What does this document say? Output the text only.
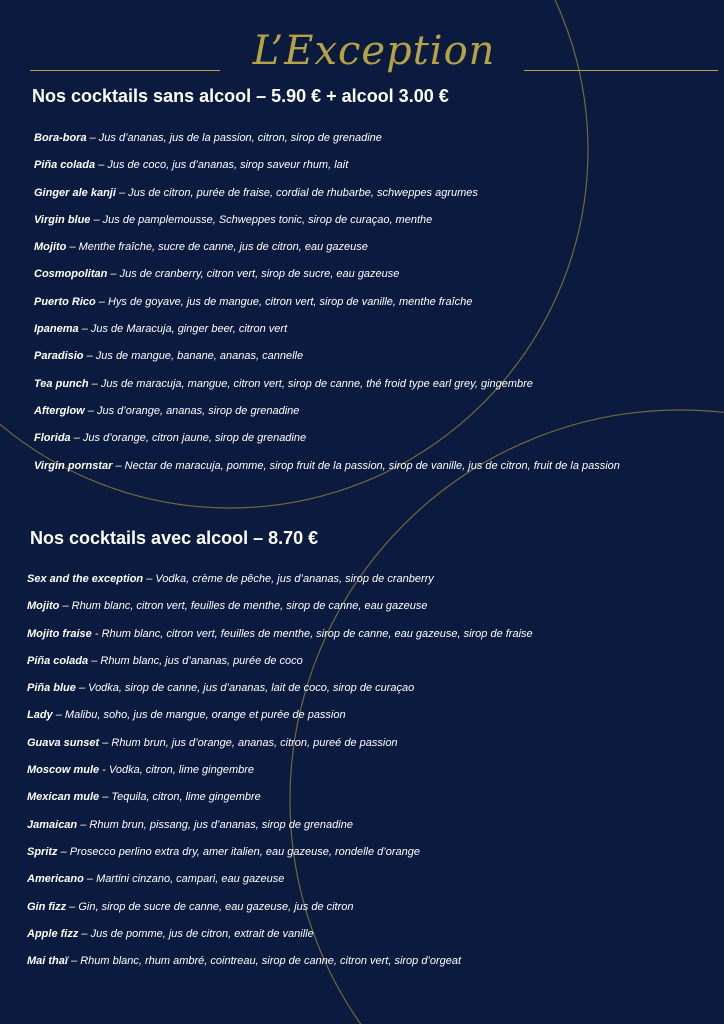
L’Exception
Nos cocktails sans alcool – 5.90 € + alcool 3.00 €
Bora-bora – Jus d’ananas, jus de la passion, citron, sirop de grenadine
Piña colada – Jus de coco, jus d’ananas, sirop saveur rhum, lait
Ginger ale kanji – Jus de citron, purée de fraise, cordial de rhubarbe, schweppes agrumes
Virgin blue – Jus de pamplemousse, Schweppes tonic, sirop de curaçao, menthe
Mojito – Menthe fraîche, sucre de canne, jus de citron, eau gazeuse
Cosmopolitan – Jus de cranberry, citron vert, sirop de sucre, eau gazeuse
Puerto Rico – Hys de goyave, jus de mangue, citron vert, sirop de vanille, menthe fraîche
Ipanema – Jus de Maracuja, ginger beer, citron vert
Paradisio – Jus de mangue, banane, ananas, cannelle
Tea punch – Jus de maracuja, mangue, citron vert, sirop de canne, thé froid type earl grey, gingembre
Afterglow – Jus d’orange, ananas, sirop de grenadine
Florida – Jus d’orange, citron jaune, sirop de grenadine
Virgin pornstar – Nectar de maracuja, pomme, sirop fruit de la passion, sirop de vanille, jus de citron, fruit de la passion
Nos cocktails avec alcool – 8.70 €
Sex and the exception – Vodka, crème de pêche, jus d’ananas, sirop de cranberry
Mojito – Rhum blanc, citron vert, feuilles de menthe, sirop de canne, eau gazeuse
Mojito fraise - Rhum blanc, citron vert, feuilles de menthe, sirop de canne, eau gazeuse, sirop de fraise
Piña colada – Rhum blanc, jus d’ananas, purée de coco
Piña blue – Vodka, sirop de canne, jus d’ananas, lait de coco, sirop de curaçao
Lady – Malibu, soho, jus de mangue, orange et purée de passion
Guava sunset – Rhum brun, jus d’orange, ananas, citron, pureé de passion
Moscow mule - Vodka, citron, lime gingembre
Mexican mule – Tequila, citron, lime gingembre
Jamaican – Rhum brun, pissang, jus d’ananas, sirop de grenadine
Spritz – Prosecco perlino extra dry, amer italien, eau gazeuse, rondelle d’orange
Americano – Martini cinzano, campari, eau gazeuse
Gin fizz – Gin, sirop de sucre de canne, eau gazeuse, jus de citron
Apple fizz – Jus de pomme, jus de citron, extrait de vanille
Mai thaï – Rhum blanc, rhum ambré, cointreau, sirop de canne, citron vert, sirop d’orgeat
